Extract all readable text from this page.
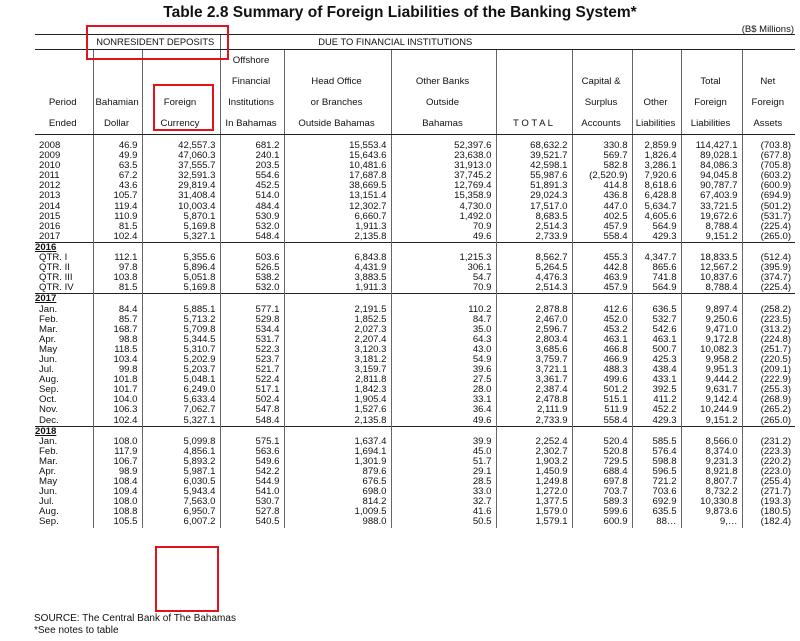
Table 2.8 Summary of Foreign Liabilities of the Banking System*
(B$ Millions)
	NONRESIDENT DEPOSITS		DUE TO FINANCIAL INSTITUTIONS							
			Offshore							
			Financial	Head Office	Other Banks		Capital &		Total	Net
Period	Bahamian	Foreign	Institutions	or Branches	Outside		Surplus	Other	Foreign	Foreign
Ended	Dollar	Currency	In Bahamas	Outside Bahamas	Bahamas	T O T A L	Accounts	Liabilities	Liabilities	Assets

2008	46.9	42,557.3	681.2	15,553.4	52,397.6	68,632.2	330.8	2,859.9	114,427.1	(703.8)
2009	49.9	47,060.3	240.1	15,643.6	23,638.0	39,521.7	569.7	1,826.4	89,028.1	(677.8)
2010	63.5	37,555.7	203.5	10,481.6	31,913.0	42,598.1	582.8	3,286.1	84,086.3	(705.8)
2011	67.2	32,591.3	554.6	17,687.8	37,745.2	55,987.6	(2,520.9)	7,920.6	94,045.8	(603.2)
2012	43.6	29,819.4	452.5	38,669.5	12,769.4	51,891.3	414.8	8,618.6	90,787.7	(600.9)
2013	105.7	31,408.4	514.0	13,151.4	15,358.9	29,024.3	436.8	6,428.8	67,403.9	(694.9)
2014	119.4	10,003.4	484.4	12,302.7	4,730.0	17,517.0	447.0	5,634.7	33,721.5	(501.2)
2015	110.9	5,870.1	530.9	6,660.7	1,492.0	8,683.5	402.5	4,605.6	19,672.6	(531.7)
2016	81.5	5,169.8	532.0	1,911.3	70.9	2,514.3	457.9	564.9	8,788.4	(225.4)
2017	102.4	5,327.1	548.4	2,135.8	49.6	2,733.9	558.4	429.3	9,151.2	(265.0)
2016										
QTR. I	112.1	5,355.6	503.6	6,843.8	1,215.3	8,562.7	455.3	4,347.7	18,833.5	(512.4)
QTR. II	97.8	5,896.4	526.5	4,431.9	306.1	5,264.5	442.8	865.6	12,567.2	(395.9)
QTR. III	103.8	5,051.8	538.2	3,883.5	54.7	4,476.3	463.9	741.8	10,837.6	(374.7)
QTR. IV	81.5	5,169.8	532.0	1,911.3	70.9	2,514.3	457.9	564.9	8,788.4	(225.4)
2017										
Jan.	84.4	5,885.1	577.1	2,191.5	110.2	2,878.8	412.6	636.5	9,897.4	(258.2)
Feb.	85.7	5,713.2	529.8	1,852.5	84.7	2,467.0	452.0	532.7	9,250.6	(223.5)
Mar.	168.7	5,709.8	534.4	2,027.3	35.0	2,596.7	453.2	542.6	9,471.0	(313.2)
Apr.	98.8	5,344.5	531.7	2,207.4	64.3	2,803.4	463.1	463.1	9,172.8	(224.8)
May	118.5	5,310.7	522.3	3,120.3	43.0	3,685.6	466.8	500.7	10,082.3	(251.7)
Jun.	103.4	5,202.9	523.7	3,181.2	54.9	3,759.7	466.9	425.3	9,958.2	(220.5)
Jul.	99.8	5,203.7	521.7	3,159.7	39.6	3,721.1	488.3	438.4	9,951.3	(209.1)
Aug.	101.8	5,048.1	522.4	2,811.8	27.5	3,361.7	499.6	433.1	9,444.2	(222.9)
Sep.	101.7	6,249.0	517.1	1,842.3	28.0	2,387.4	501.2	392.5	9,631.7	(255.3)
Oct.	104.0	5,633.4	502.4	1,905.4	33.1	2,478.8	515.1	411.2	9,142.4	(268.9)
Nov.	106.3	7,062.7	547.8	1,527.6	36.4	2,111.9	511.9	452.2	10,244.9	(265.2)
Dec.	102.4	5,327.1	548.4	2,135.8	49.6	2,733.9	558.4	429.3	9,151.2	(265.0)
2018										
Jan.	108.0	5,099.8	575.1	1,637.4	39.9	2,252.4	520.4	585.5	8,566.0	(231.2)
Feb.	117.9	4,856.1	563.6	1,694.1	45.0	2,302.7	520.8	576.4	8,374.0	(223.3)
Mar.	106.7	5,893.2	549.6	1,301.9	51.7	1,903.2	729.5	598.8	9,231.3	(220.2)
Apr.	98.9	5,987.1	542.2	879.6	29.1	1,450.9	688.4	596.5	8,921.8	(223.0)
May	108.4	6,030.5	544.9	676.5	28.5	1,249.8	697.8	721.2	8,807.7	(255.4)
Jun.	109.4	5,943.4	541.0	698.0	33.0	1,272.0	703.7	703.6	8,732.2	(271.7)
Jul.	108.0	7,563.0	530.7	814.2	32.7	1,377.5	589.3	692.9	10,330.8	(193.3)
Aug.	108.8	6,950.7	527.8	1,009.5	41.6	1,579.0	599.6	635.5	9,873.6	(180.5)
Sep.	105.5	6,007.2	540.5	988.0	50.5	1,579.1	600.9	88…	9,…	(182.4)
SOURCE: The Central Bank of The Bahamas
*See notes to table
